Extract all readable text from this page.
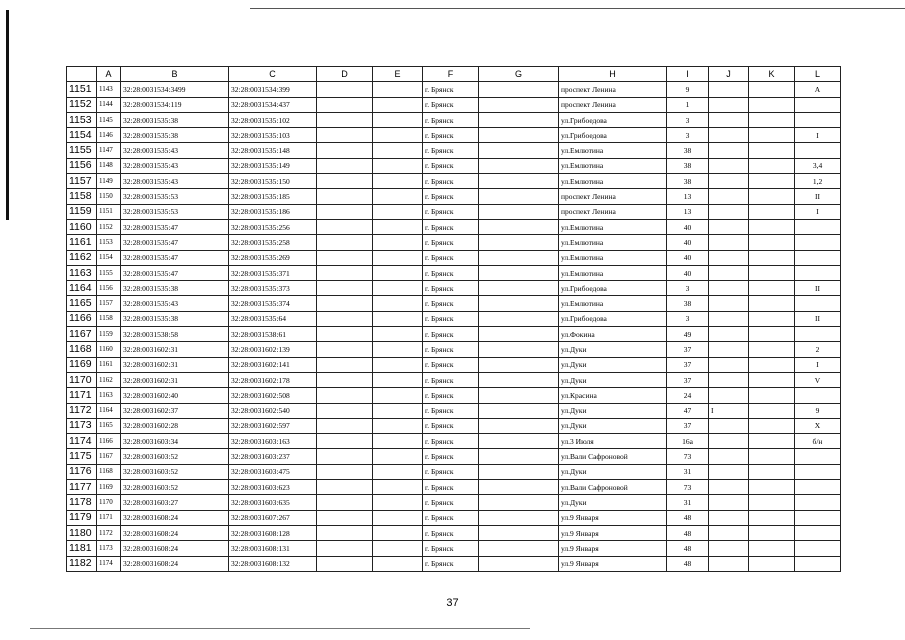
	A	B	C	D	E	F	G	H	I	J	K	L
1151	1143	32:28:0031534:3499	32:28:0031534:399			г. Брянск		проспект Ленина	9			А
1152	1144	32:28:0031534:119	32:28:0031534:437			г. Брянск		проспект Ленина	1			
1153	1145	32:28:0031535:38	32:28:0031535:102			г. Брянск		ул.Грибоедова	3			
1154	1146	32:28:0031535:38	32:28:0031535:103			г. Брянск		ул.Грибоедова	3			I
1155	1147	32:28:0031535:43	32:28:0031535:148			г. Брянск		ул.Емлютина	38			
1156	1148	32:28:0031535:43	32:28:0031535:149			г. Брянск		ул.Емлютина	38			3,4
1157	1149	32:28:0031535:43	32:28:0031535:150			г. Брянск		ул.Емлютина	38			1,2
1158	1150	32:28:0031535:53	32:28:0031535:185			г. Брянск		проспект Ленина	13			II
1159	1151	32:28:0031535:53	32:28:0031535:186			г. Брянск		проспект Ленина	13			I
1160	1152	32:28:0031535:47	32:28:0031535:256			г. Брянск		ул.Емлютина	40			
1161	1153	32:28:0031535:47	32:28:0031535:258			г. Брянск		ул.Емлютина	40			
1162	1154	32:28:0031535:47	32:28:0031535:269			г. Брянск		ул.Емлютина	40			
1163	1155	32:28:0031535:47	32:28:0031535:371			г. Брянск		ул.Емлютина	40			
1164	1156	32:28:0031535:38	32:28:0031535:373			г. Брянск		ул.Грибоедова	3			II
1165	1157	32:28:0031535:43	32:28:0031535:374			г. Брянск		ул.Емлютина	38			
1166	1158	32:28:0031535:38	32:28:0031535:64			г. Брянск		ул.Грибоедова	3			II
1167	1159	32:28:0031538:58	32:28:0031538:61			г. Брянск		ул.Фокина	49			
1168	1160	32:28:0031602:31	32:28:0031602:139			г. Брянск		ул.Дуки	37			2
1169	1161	32:28:0031602:31	32:28:0031602:141			г. Брянск		ул.Дуки	37			I
1170	1162	32:28:0031602:31	32:28:0031602:178			г. Брянск		ул.Дуки	37			V
1171	1163	32:28:0031602:40	32:28:0031602:508			г. Брянск		ул.Красина	24			
1172	1164	32:28:0031602:37	32:28:0031602:540			г. Брянск		ул.Дуки	47	I		9
1173	1165	32:28:0031602:28	32:28:0031602:597			г. Брянск		ул.Дуки	37			X
1174	1166	32:28:0031603:34	32:28:0031603:163			г. Брянск		ул.3 Июля	16а			б/н
1175	1167	32:28:0031603:52	32:28:0031603:237			г. Брянск		ул.Вали Сафроновой	73			
1176	1168	32:28:0031603:52	32:28:0031603:475			г. Брянск		ул.Дуки	31			
1177	1169	32:28:0031603:52	32:28:0031603:623			г. Брянск		ул.Вали Сафроновой	73			
1178	1170	32:28:0031603:27	32:28:0031603:635			г. Брянск		ул.Дуки	31			
1179	1171	32:28:0031608:24	32:28:0031607:267			г. Брянск		ул.9 Января	48			
1180	1172	32:28:0031608:24	32:28:0031608:128			г. Брянск		ул.9 Января	48			
1181	1173	32:28:0031608:24	32:28:0031608:131			г. Брянск		ул.9 Января	48			
1182	1174	32:28:0031608:24	32:28:0031608:132			г. Брянск		ул.9 Января	48			
37
